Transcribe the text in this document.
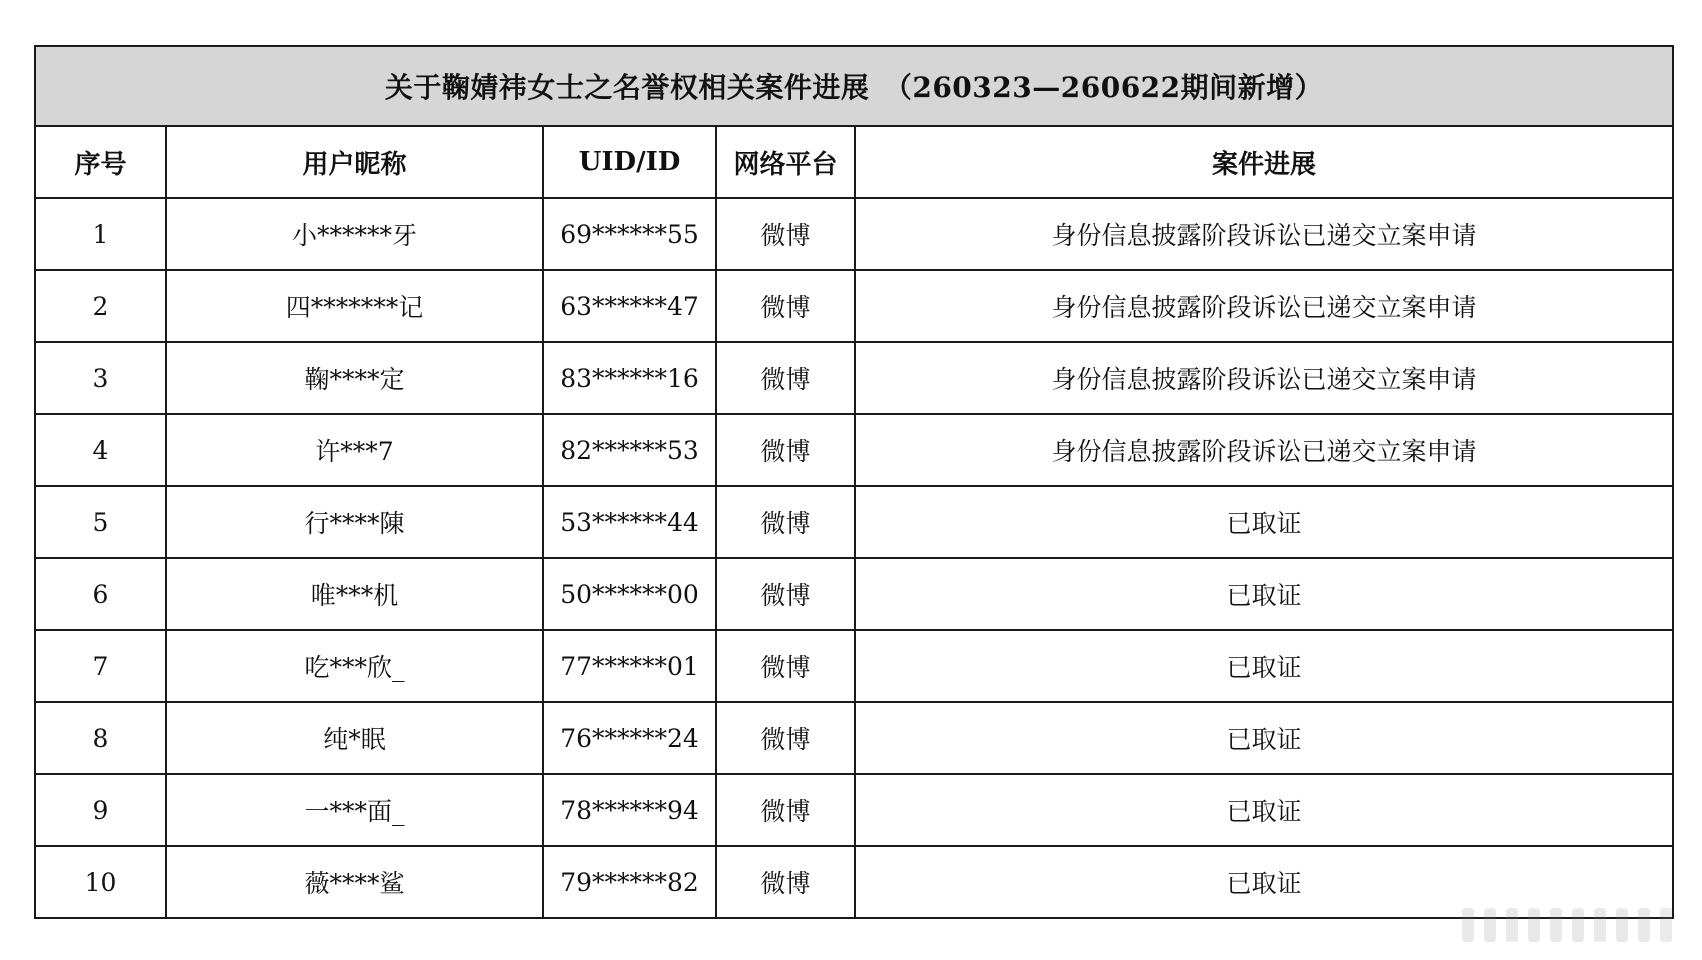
关于鞠婧祎女士之名誉权相关案件进展　（260323—260622期间新增）				
序号	用户昵称	UID/ID	网络平台	案件进展
1	小******牙	69******55	微博	身份信息披露阶段诉讼已递交立案申请
2	四*******记	63******47	微博	身份信息披露阶段诉讼已递交立案申请
3	鞠****定	83******16	微博	身份信息披露阶段诉讼已递交立案申请
4	许***7	82******53	微博	身份信息披露阶段诉讼已递交立案申请
5	行****陳	53******44	微博	已取证
6	唯***机	50******00	微博	已取证
7	吃***欣_	77******01	微博	已取证
8	纯*眠	76******24	微博	已取证
9	一***面_	78******94	微博	已取证
10	薇****鲨	79******82	微博	已取证
